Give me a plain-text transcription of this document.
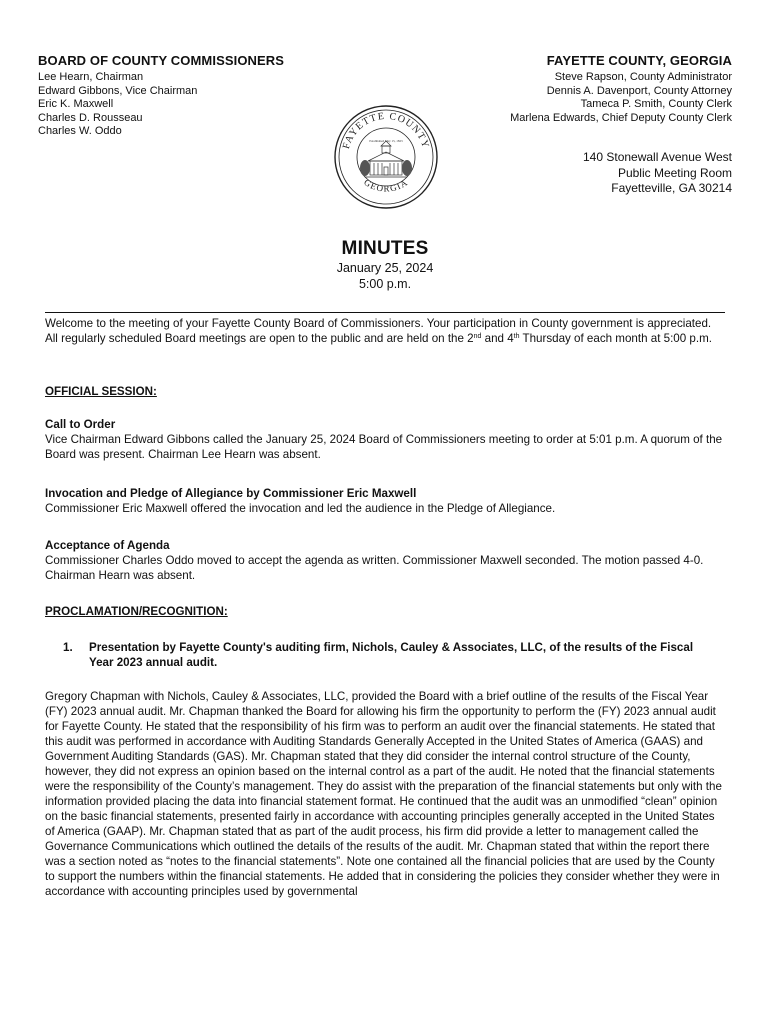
BOARD OF COUNTY COMMISSIONERS
Lee Hearn, Chairman
Edward Gibbons, Vice Chairman
Eric K. Maxwell
Charles D. Rousseau
Charles W. Oddo
FAYETTE COUNTY, GEORGIA
Steve Rapson, County Administrator
Dennis A. Davenport, County Attorney
Tameca P. Smith, County Clerk
Marlena Edwards, Chief Deputy County Clerk
140 Stonewall Avenue West
Public Meeting Room
Fayetteville, GA 30214
FAYETTE COUNTY
GEORGIA
Established May 15, 1823
MINUTES
January 25, 2024
5:00 p.m.
Welcome to the meeting of your Fayette County Board of Commissioners. Your participation in County government is appreciated. All regularly scheduled Board meetings are open to the public and are held on the 2nd and 4th Thursday of each month at 5:00 p.m.
OFFICIAL SESSION:
Call to Order
Vice Chairman Edward Gibbons called the January 25, 2024 Board of Commissioners meeting to order at 5:01 p.m. A quorum of the Board was present. Chairman Lee Hearn was absent.
Invocation and Pledge of Allegiance by Commissioner Eric Maxwell
Commissioner Eric Maxwell offered the invocation and led the audience in the Pledge of Allegiance.
Acceptance of Agenda
Commissioner Charles Oddo moved to accept the agenda as written. Commissioner Maxwell seconded. The motion passed 4-0. Chairman Hearn was absent.
PROCLAMATION/RECOGNITION:
1. Presentation by Fayette County's auditing firm, Nichols, Cauley & Associates, LLC, of the results of the Fiscal
Year 2023 annual audit.
Gregory Chapman with Nichols, Cauley & Associates, LLC, provided the Board with a brief outline of the results of the Fiscal Year (FY) 2023 annual audit. Mr. Chapman thanked the Board for allowing his firm the opportunity to perform the (FY) 2023 annual audit for Fayette County. He stated that the responsibility of his firm was to perform an audit over the financial statements. He stated that this audit was performed in accordance with Auditing Standards Generally Accepted in the United States of America (GAAS) and Government Auditing Standards (GAS). Mr. Chapman stated that they did consider the internal control structure of the County, however, they did not express an opinion based on the internal control as a part of the audit. He noted that the financial statements were the responsibility of the County’s management. They do assist with the preparation of the financial statements but only with the information provided placing the data into financial statement format. He continued that the audit was an unmodified “clean” opinion on the basic financial statements, presented fairly in accordance with accounting principles generally accepted in the United States of America (GAAP). Mr. Chapman stated that as part of the audit process, his firm did provide a letter to management called the Governance Communications which outlined the details of the results of the audit. Mr. Chapman stated that within the report there was a section noted as “notes to the financial statements”. Note one contained all the financial policies that are used by the County to support the numbers within the financial statements. He added that in considering the policies they consider whether they were in accordance with accounting principles used by governmental
